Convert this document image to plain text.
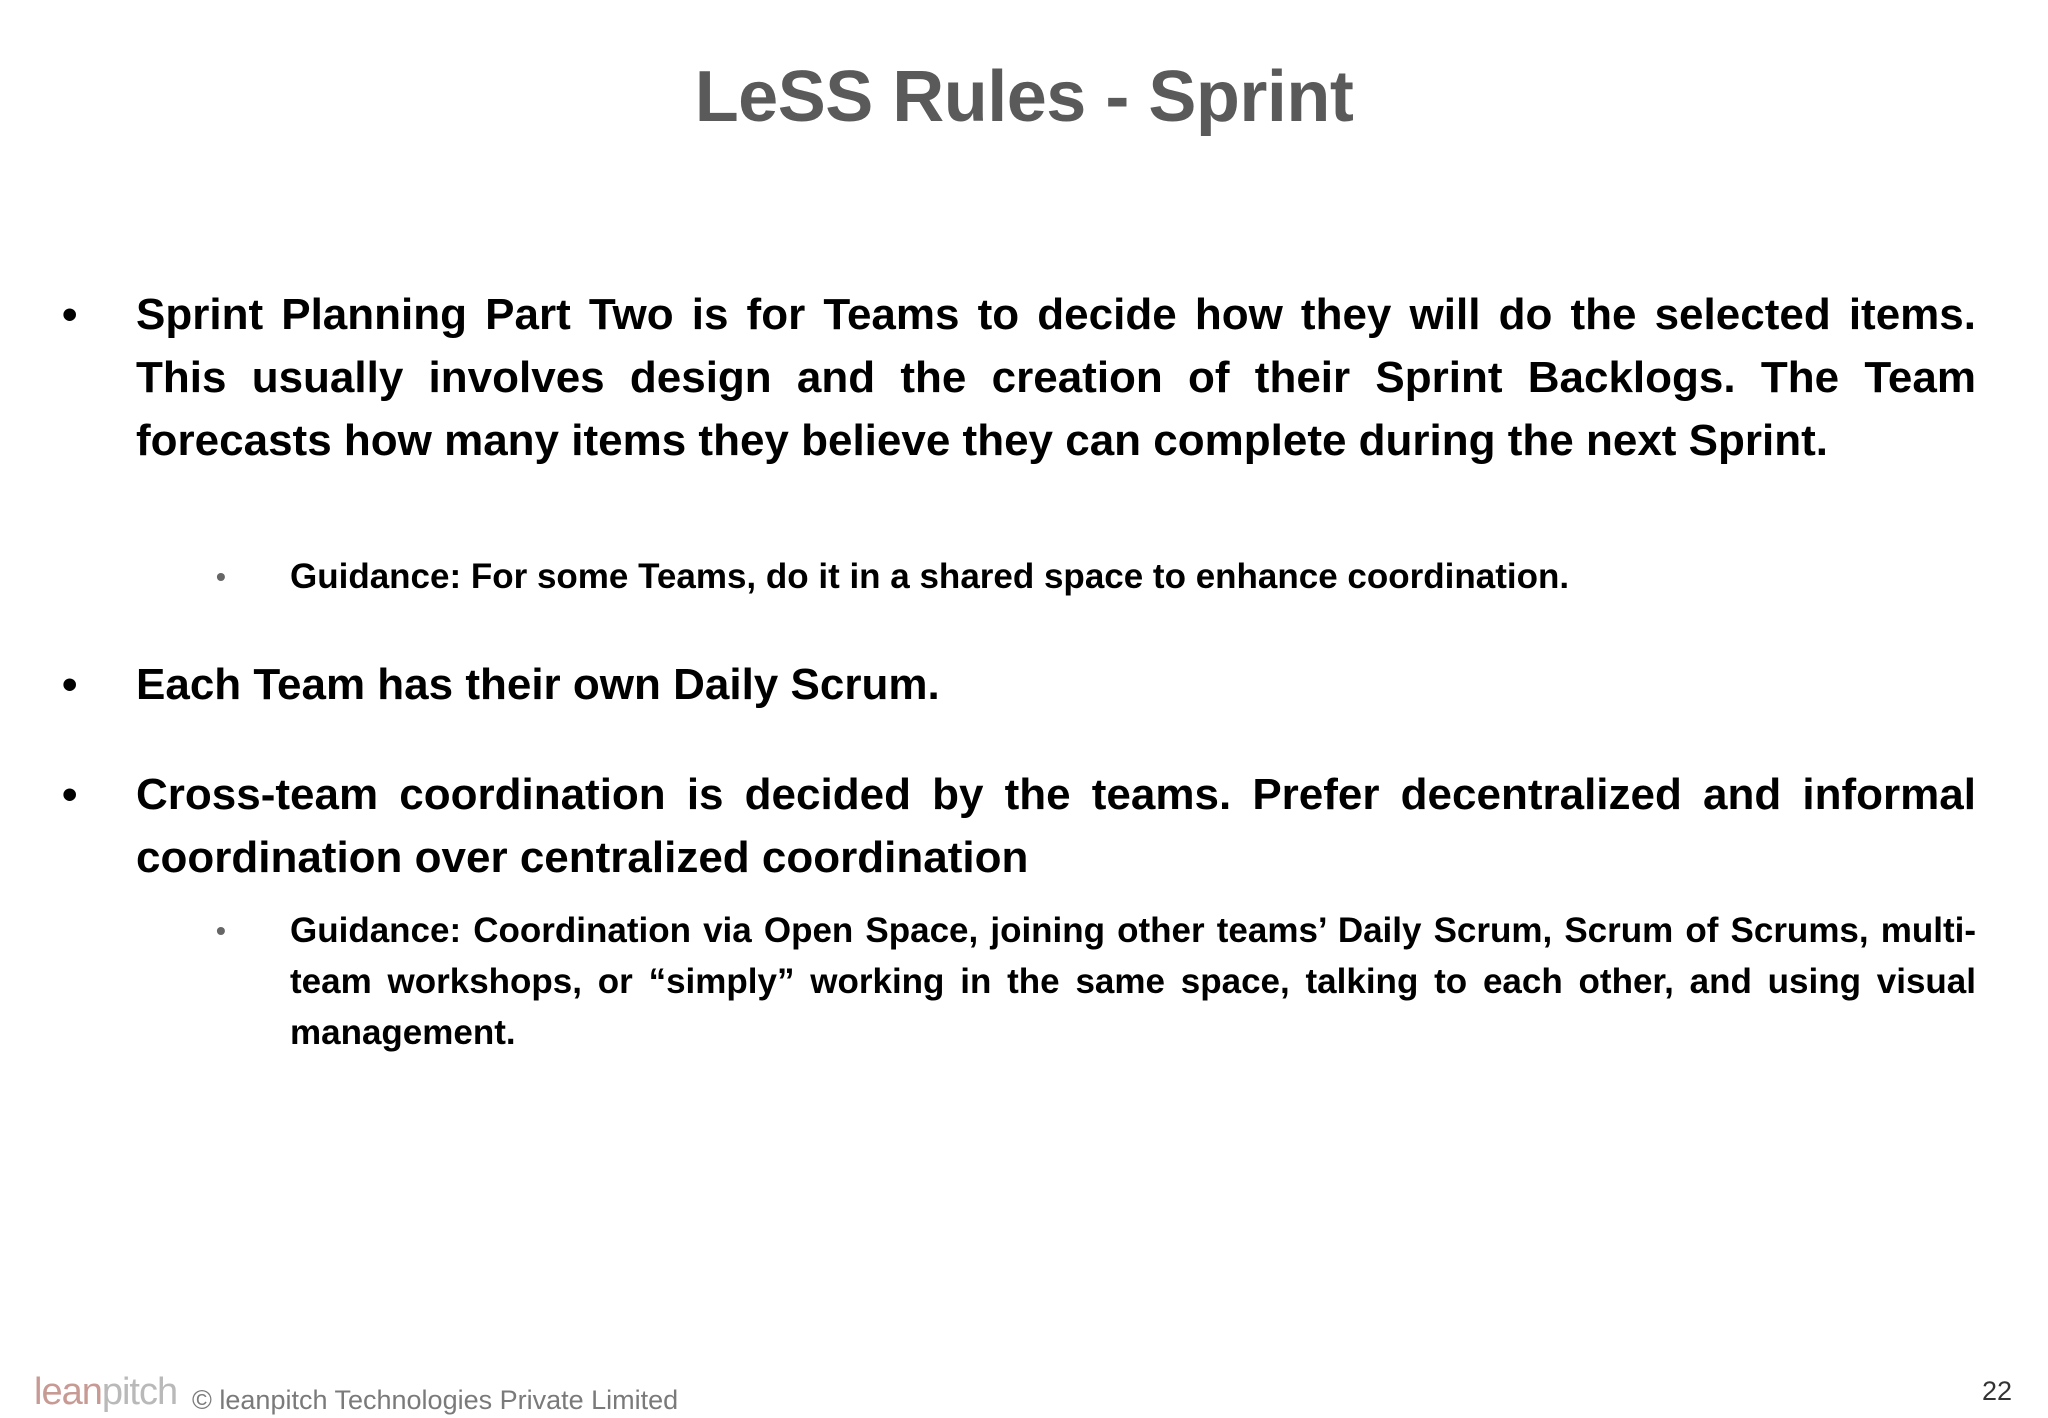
LeSS Rules - Sprint
•	Sprint Planning Part Two is for Teams to decide how they will do the selected items. This usually involves design and the creation of their Sprint Backlogs. The Team forecasts how many items they believe they can complete during the next Sprint.
• Guidance: For some Teams, do it in a shared space to enhance coordination.
•	Each Team has their own Daily Scrum.
•	Cross-team coordination is decided by the teams. Prefer decentralized and informal coordination over centralized coordination
• Guidance: Coordination via Open Space, joining other teams’ Daily Scrum, Scrum of Scrums, multi-team workshops, or “simply” working in the same space, talking to each other, and using visual management.
leanpitch © leanpitch Technologies Private Limited	22
